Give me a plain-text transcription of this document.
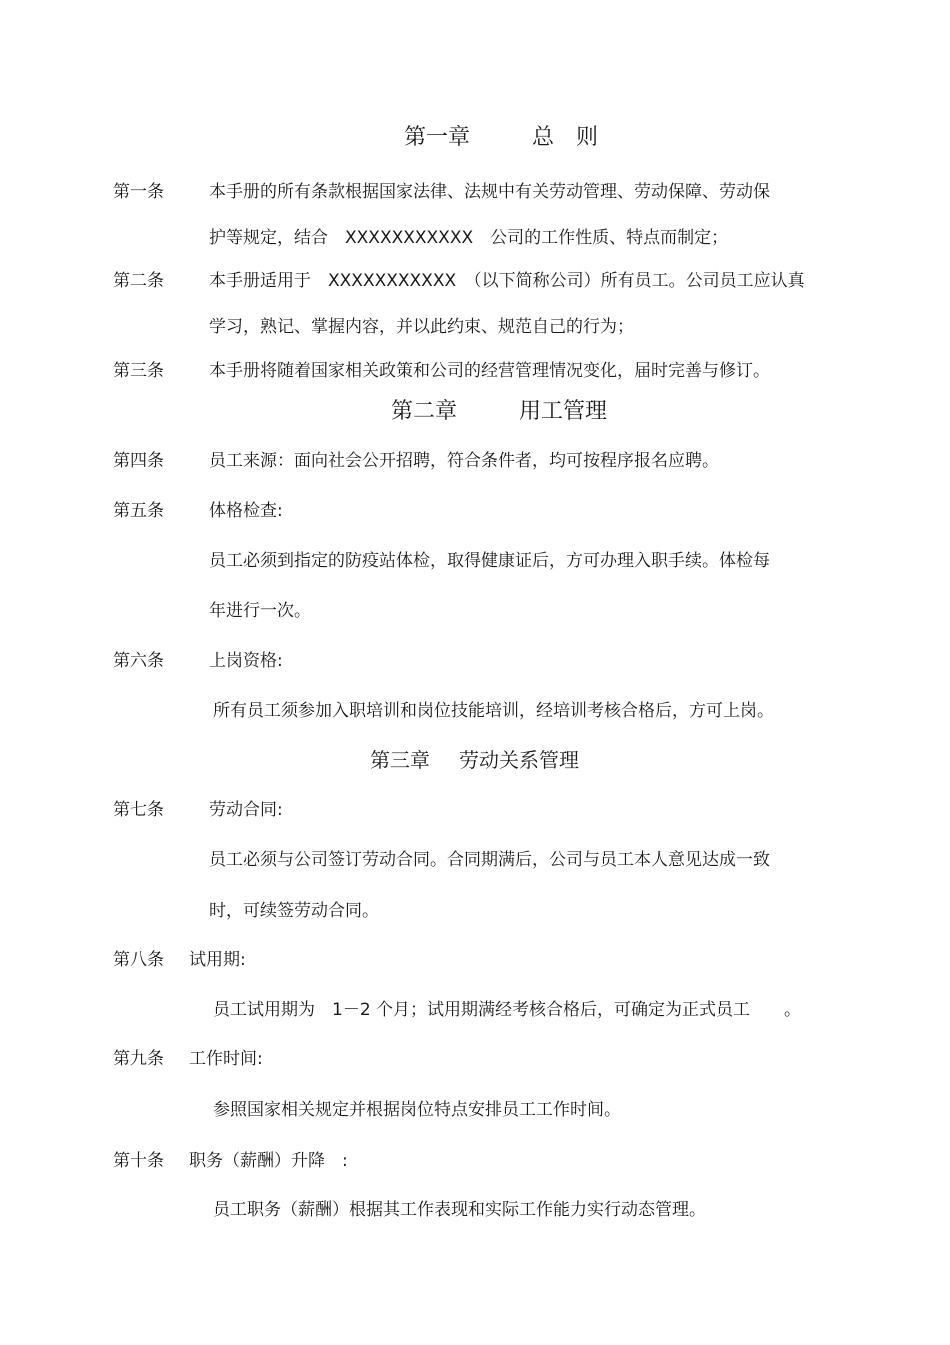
第一章	总　则
第一条	本手册的所有条款根据国家法律、法规中有关劳动管理、劳动保障、劳动保
护等规定，结合　XXXXXXXXXXX　公司的工作性质、特点而制定；
第二条	本手册适用于　XXXXXXXXXXX　（以下简称公司）所有员工。公司员工应认真
学习，熟记、掌握内容，并以此约束、规范自己的行为；
第三条	本手册将随着国家相关政策和公司的经营管理情况变化，届时完善与修订。
第二章	用工管理
第四条	员工来源：面向社会公开招聘，符合条件者，均可按程序报名应聘。
第五条	体格检查:
员工必须到指定的防疫站体检，取得健康证后，方可办理入职手续。体检每
年进行一次。
第六条	上岗资格:
所有员工须参加入职培训和岗位技能培训，经培训考核合格后，方可上岗。
第三章 劳动关系管理
第七条	劳动合同:
员工必须与公司签订劳动合同。合同期满后，公司与员工本人意见达成一致
时，可续签劳动合同。
第八条 试用期:
员工试用期为　1－2 个月；试用期满经考核合格后，可确定为正式员工　　。
第九条 工作时间:
参照国家相关规定并根据岗位特点安排员工工作时间。
第十条 职务（薪酬）升降　:
员工职务（薪酬）根据其工作表现和实际工作能力实行动态管理。
